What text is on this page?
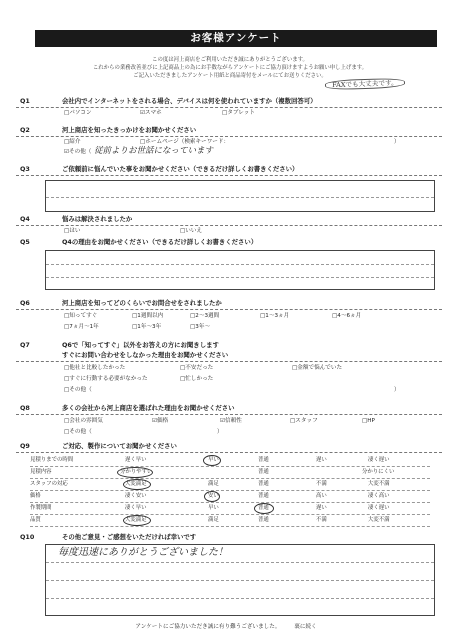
お客様アンケート
この度は河上商店をご利用いただき誠にありがとうございます。
これからの業務改善並びに上記商品上の為にお手数ながらアンケートにご協力頂けますようお願い申し上げます。
ご記入いただきましたアンケート用紙と商品寄付をメールにてお送りください。
FAXでも大丈夫です。
Q1	会社内でインターネットをされる場合、デバイスは何を使われていますか（複数回答可）
□パソコン	☑スマホ	□タブレット
Q2	河上商店を知ったきっかけをお聞かせください
□紹介	□ホームページ（検索キーワード：	）
☑その他（ 従前よりお世話になっています
Q3	ご依頼前に悩んでいた事をお聞かせください（できるだけ詳しくお書きください）
Q4	悩みは解決されましたか
□はい	□いいえ
Q5	Q4の理由をお聞かせください（できるだけ詳しくお書きください）
Q6	河上商店を知ってどのくらいでお問合せをされましたか
□知ってすぐ	□1週間以内	□2～3週間	□1～3ヵ月	□4～6ヵ月
□7ヵ月～1年	□1年～3年	□3年～
Q7	Q6で「知ってすぐ」以外をお答えの方にお聞きします
すぐにお問い合わせをしなかった理由をお聞かせください
□他社と比較したかった	□不安だった	□金額で悩んでいた
□すぐに行動する必要がなかった	□忙しかった
□その他（	）
Q8	多くの会社から河上商店を選ばれた理由をお聞かせください
□会社の雰囲気	☑価格	☑信頼性	□スタッフ	□HP
□その他（	）
Q9	ご対応、製作についてお聞かせください
見積りまでの時間	遅く早い	早い	普通	遅い	凄く遅い
見積内容	分かりやすい	普通	分かりにくい
スタッフの対応	大変満足	満足	普通	不満	大変不満
価格	凄く安い	安い	普通	高い	凄く高い
作製期間	凄く早い	早い	普通	遅い	凄く遅い
品質	大変満足	満足	普通	不満	大変不満
Q10	その他ご意見・ご感想をいただければ幸いです
毎度迅速にありがとうございました！
アンケートにご協力いただき誠に有り難うございました。 裏に続く
